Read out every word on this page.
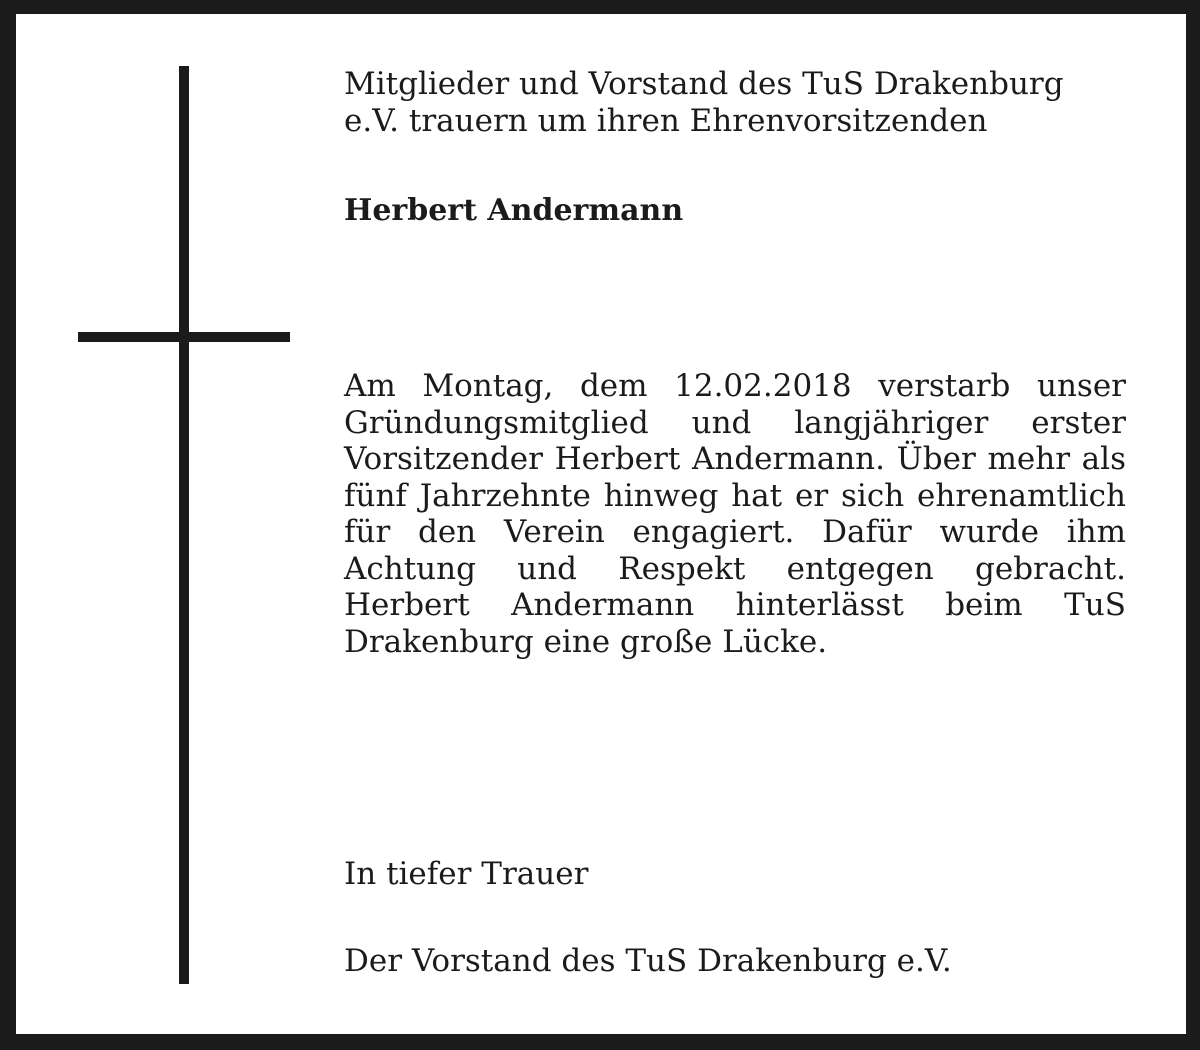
Mitglieder und Vorstand des TuS Drakenburg e.V. trauern um ihren Ehrenvorsitzenden

Herbert Andermann

Am Montag, dem 12.02.2018 verstarb unser Gründungsmitglied und langjähriger erster Vorsitzender Herbert Andermann. Über mehr als fünf Jahrzehnte hinweg hat er sich ehrenamtlich für den Verein engagiert. Dafür wurde ihm Achtung und Respekt entgegen gebracht. Herbert Andermann hinterlässt beim TuS Drakenburg eine große Lücke.

In tiefer Trauer

Der Vorstand des TuS Drakenburg e.V.
